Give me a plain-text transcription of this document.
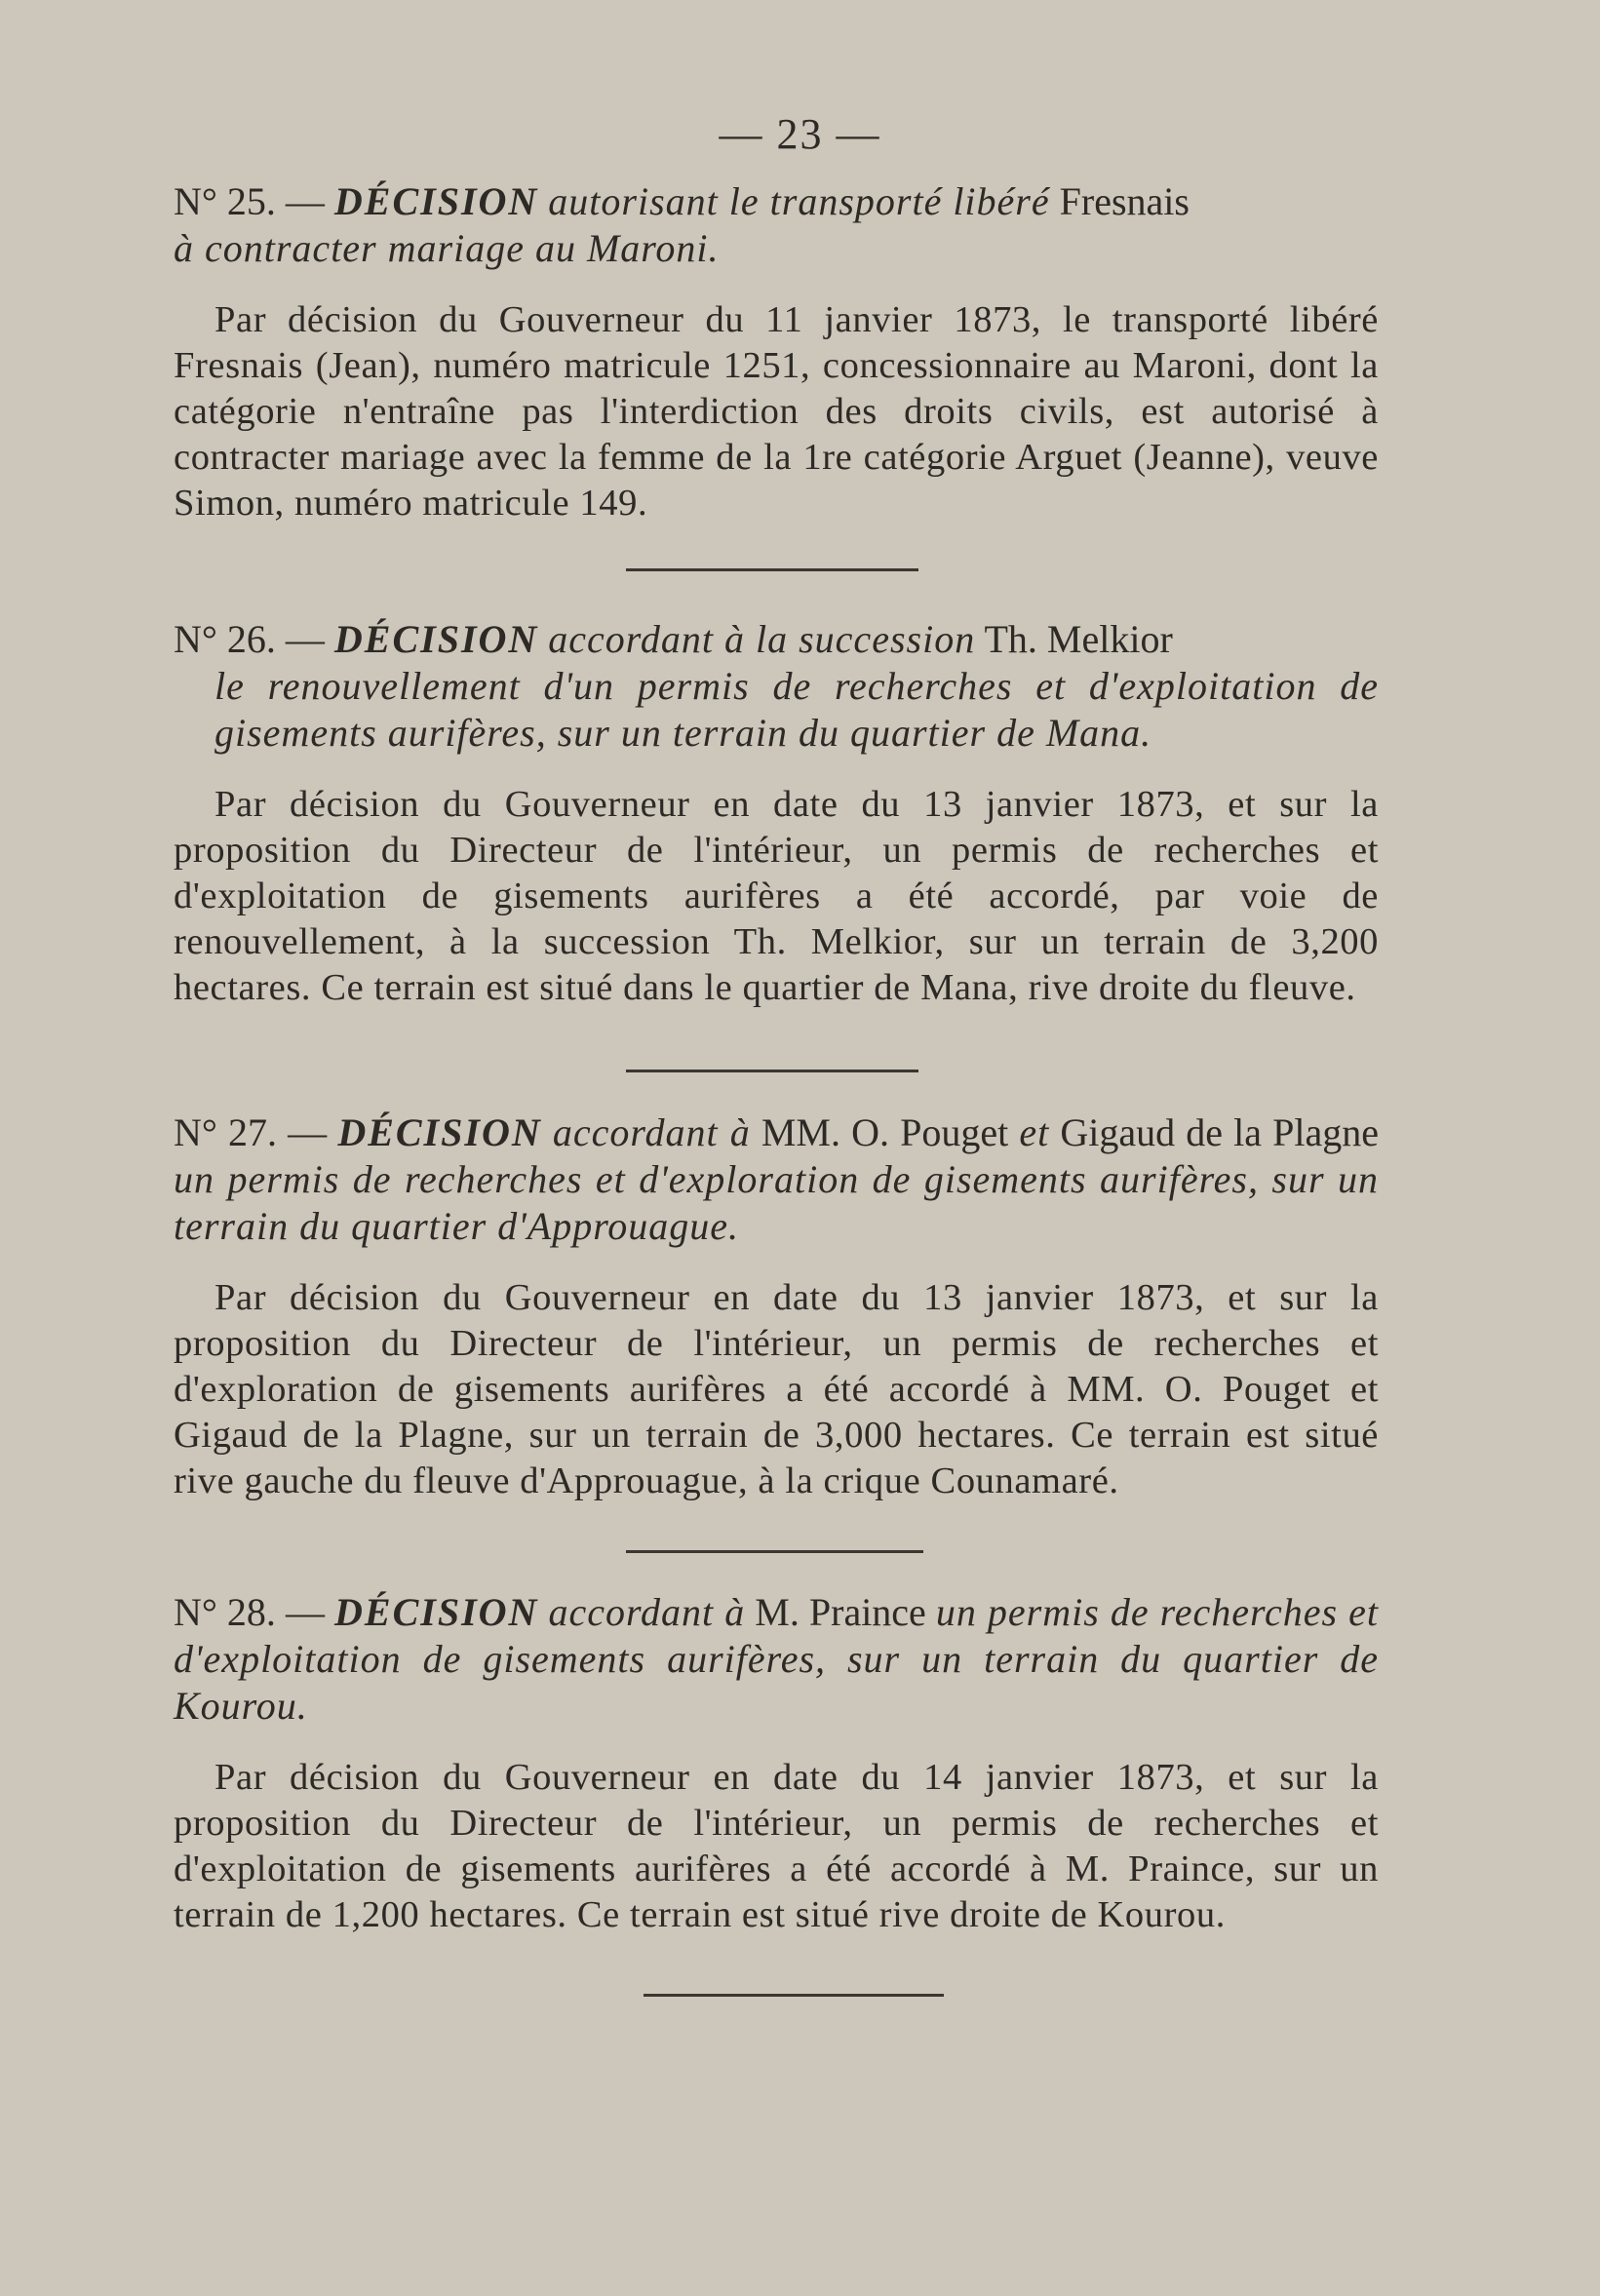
— 23 —
N° 25. — DÉCISION autorisant le transporté libéré Fresnais
à contracter mariage au Maroni.
Par décision du Gouverneur du 11 janvier 1873, le transporté libéré Fresnais (Jean), numéro matricule 1251, concessionnaire au Maroni, dont la catégorie n'entraîne pas l'interdiction des droits civils, est autorisé à contracter mariage avec la femme de la 1re catégorie Arguet (Jeanne), veuve Simon, numéro matricule 149.
N° 26. — DÉCISION accordant à la succession Th. Melkior
le renouvellement d'un permis de recherches et d'exploitation de gisements aurifères, sur un terrain du quartier de Mana.
Par décision du Gouverneur en date du 13 janvier 1873, et sur la proposition du Directeur de l'intérieur, un permis de recherches et d'exploitation de gisements aurifères a été accordé, par voie de renouvellement, à la succession Th. Melkior, sur un terrain de 3,200 hectares. Ce terrain est situé dans le quartier de Mana, rive droite du fleuve.
N° 27. — DÉCISION accordant à MM. O. Pouget et Gigaud de la Plagne un permis de recherches et d'exploration de gisements aurifères, sur un terrain du quartier d'Approuague.
Par décision du Gouverneur en date du 13 janvier 1873, et sur la proposition du Directeur de l'intérieur, un permis de recherches et d'exploration de gisements aurifères a été accordé à MM. O. Pouget et Gigaud de la Plagne, sur un terrain de 3,000 hectares. Ce terrain est situé rive gauche du fleuve d'Approuague, à la crique Counamaré.
N° 28. — DÉCISION accordant à M. Praince un permis de recherches et d'exploitation de gisements aurifères, sur un terrain du quartier de Kourou.
Par décision du Gouverneur en date du 14 janvier 1873, et sur la proposition du Directeur de l'intérieur, un permis de recherches et d'exploitation de gisements aurifères a été accordé à M. Praince, sur un terrain de 1,200 hectares. Ce terrain est situé rive droite de Kourou.
